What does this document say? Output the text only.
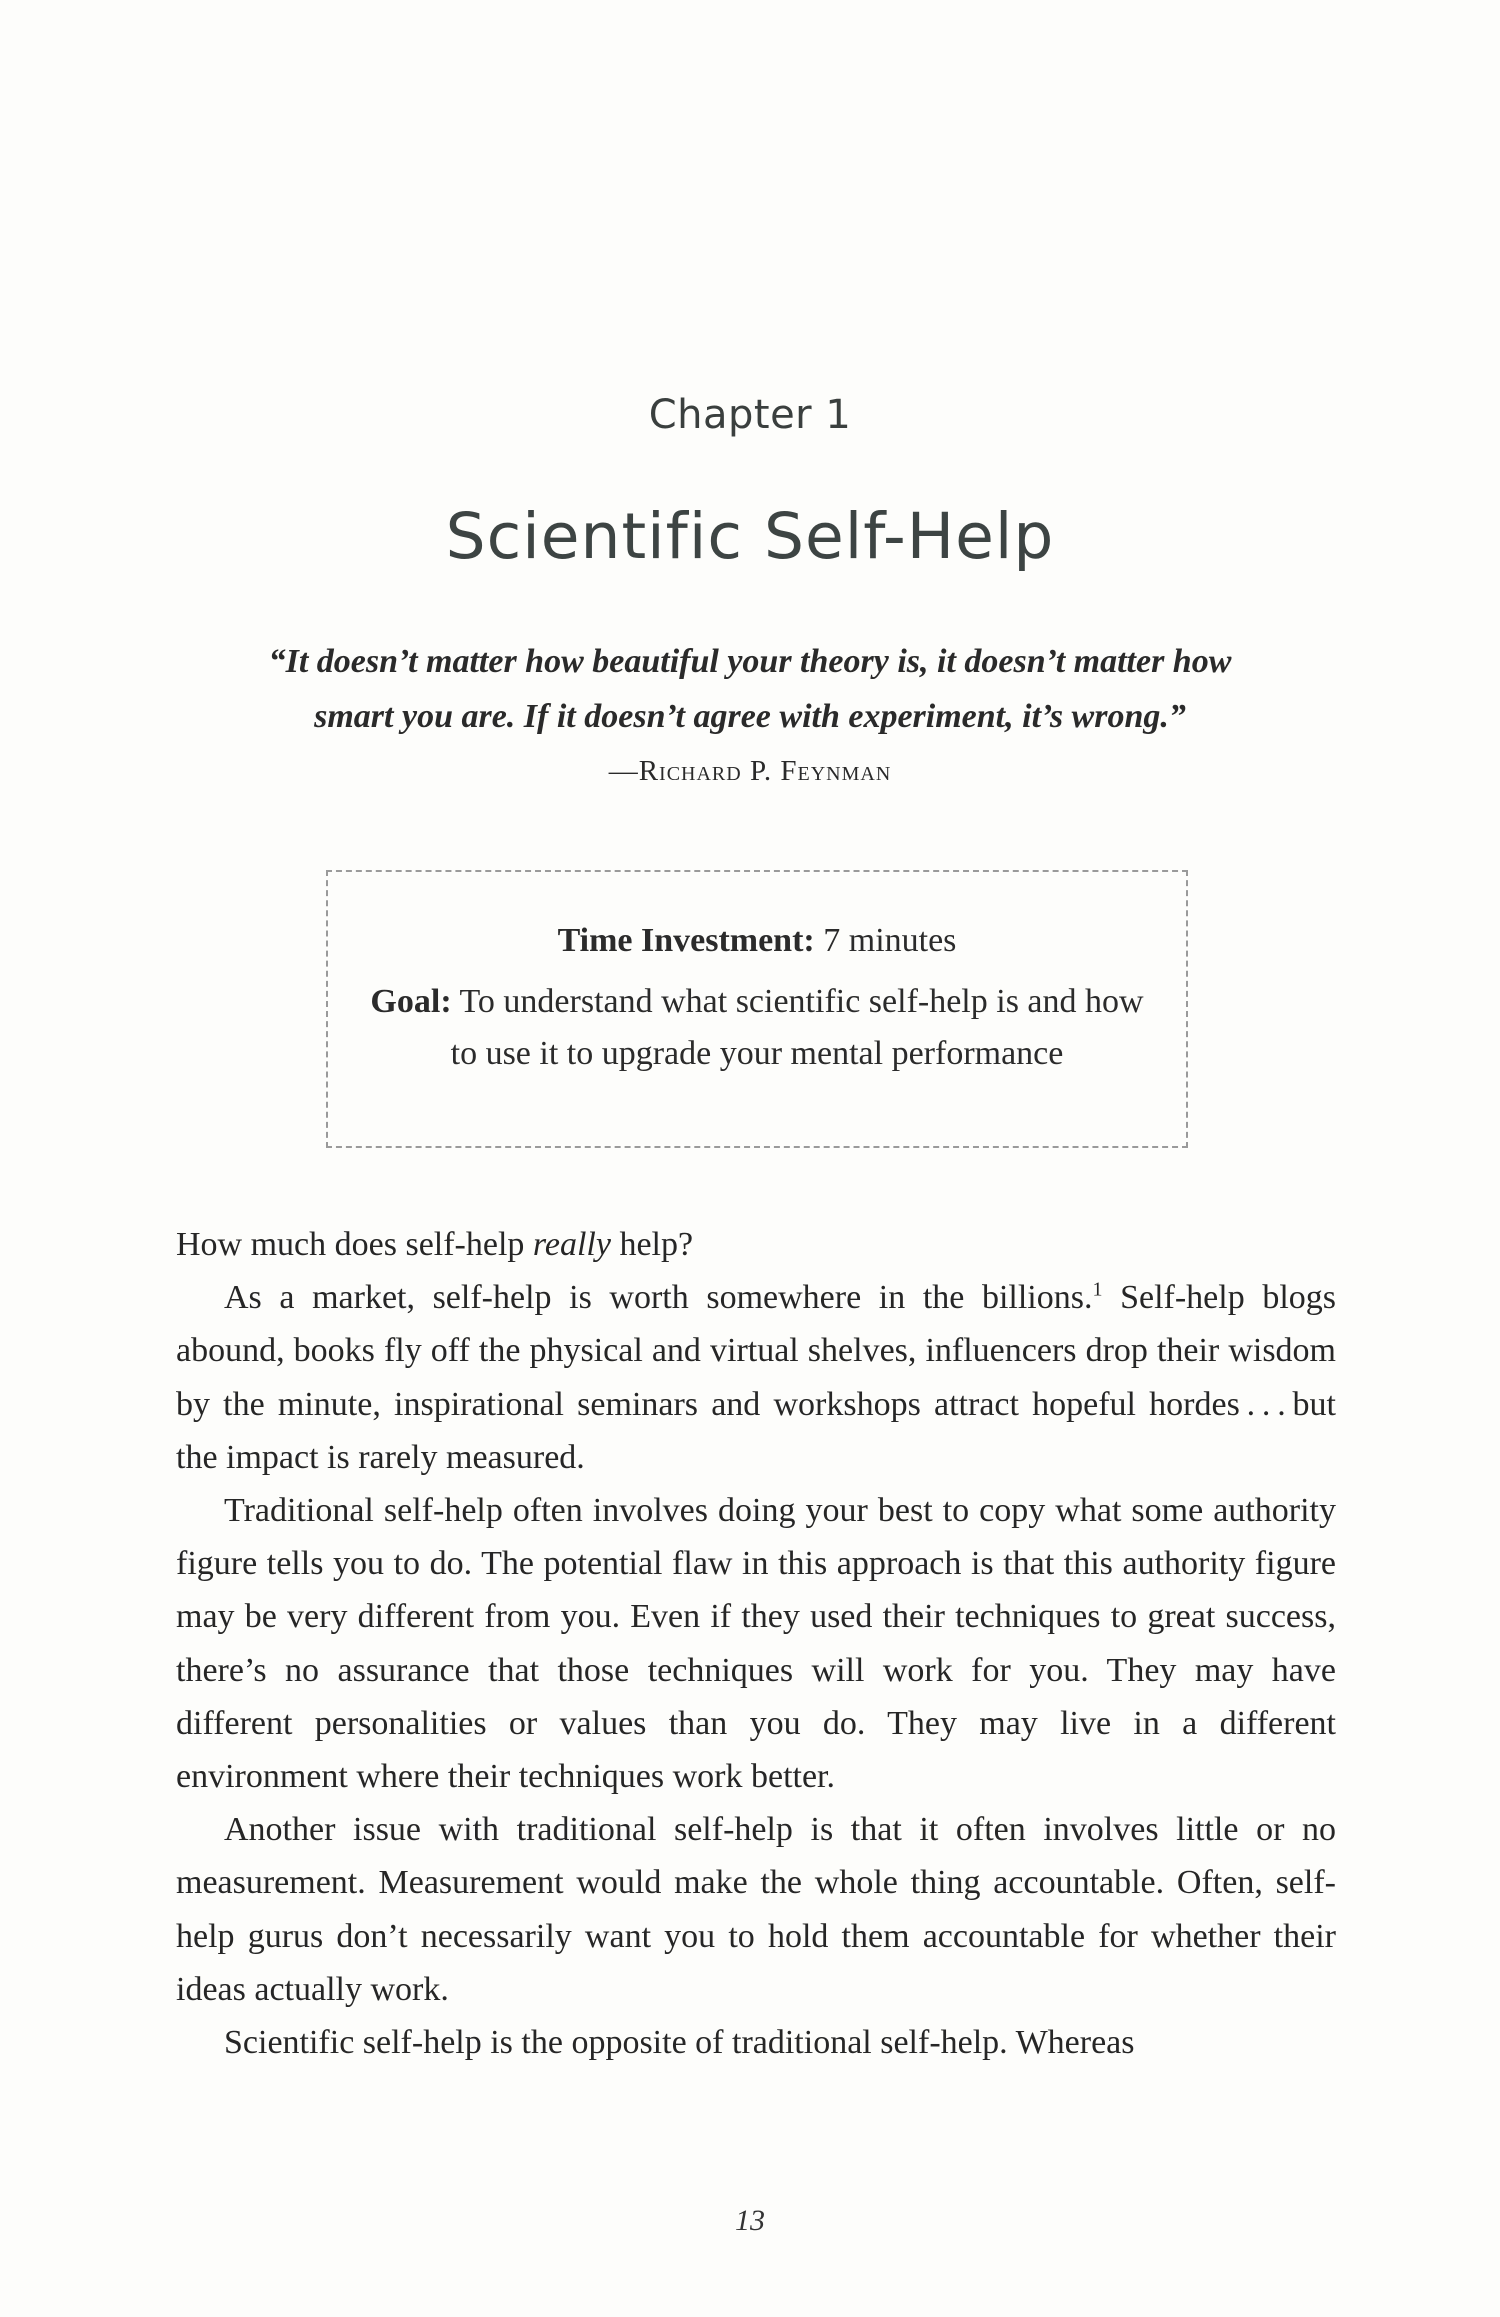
Chapter 1
Scientific Self-Help
“It doesn’t matter how beautiful your theory is, it doesn’t matter how
smart you are. If it doesn’t agree with experiment, it’s wrong.”
—Richard P. Feynman
Time Investment: 7 minutes
Goal: To understand what scientific self-help is and how to use it to upgrade your mental performance

How much does self-help really help?

As a market, self-help is worth somewhere in the billions.$^1$ Self-help blogs abound, books fly off the physical and virtual shelves, influencers drop their wisdom by the minute, inspirational seminars and workshops attract hopeful hordes . . . but the impact is rarely measured.

Traditional self-help often involves doing your best to copy what some authority figure tells you to do. The potential flaw in this approach is that this authority figure may be very different from you. Even if they used their techniques to great success, there’s no assurance that those techniques will work for you. They may have different personalities or values than you do. They may live in a different environment where their techniques work better.

Another issue with traditional self-help is that it often involves little or no measurement. Measurement would make the whole thing accountable. Often, self-help gurus don’t necessarily want you to hold them accountable for whether their ideas actually work.

Scientific self-help is the opposite of traditional self-help. Whereas

13
